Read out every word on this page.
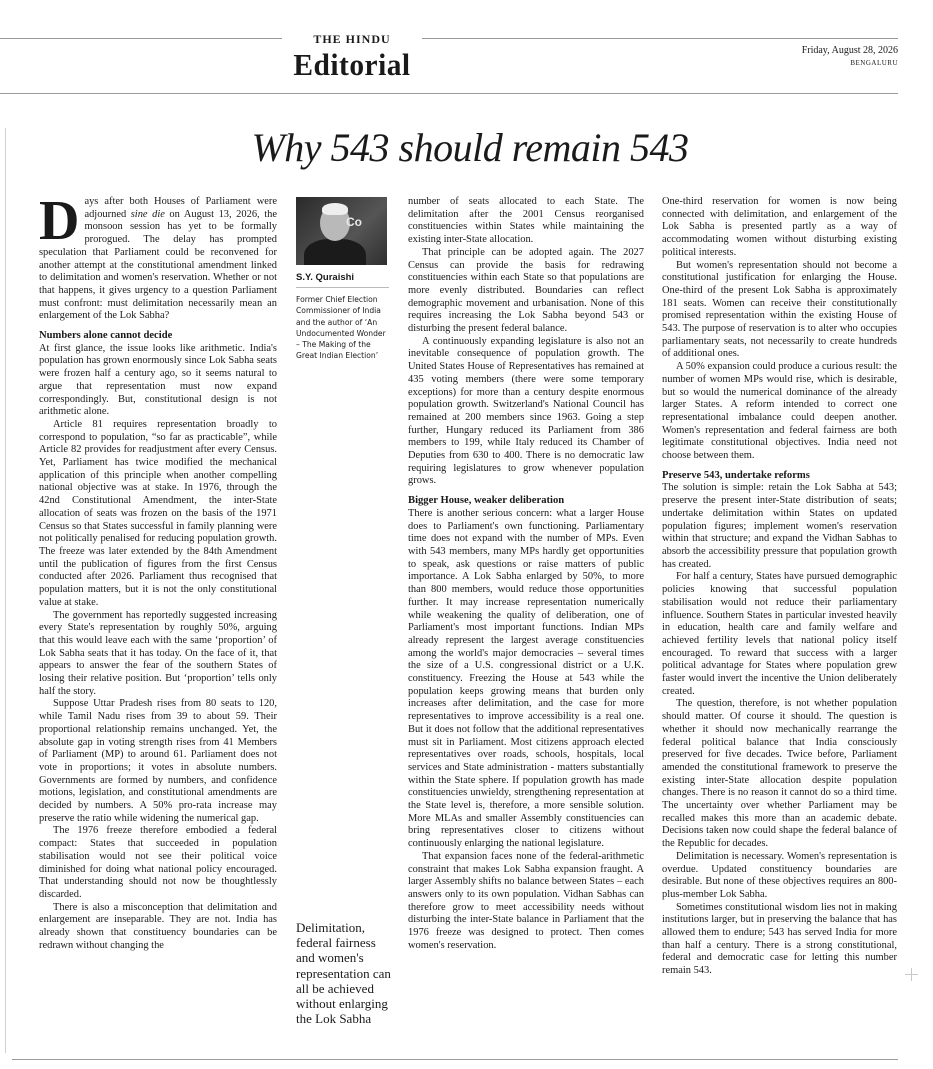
THE HINDU
Editorial	Friday, August 28, 2026
BENGALURU
Why 543 should remain 543

Days after both Houses of Parliament were adjourned sine die on August 13, 2026, the monsoon session has yet to be formally prorogued. The delay has prompted speculation that Parliament could be reconvened for another attempt at the constitutional amendment linked to delimitation and women's reservation. Whether or not that happens, it gives urgency to a question Parliament must confront: must delimitation necessarily mean an enlargement of the Lok Sabha?

Numbers alone cannot decide

At first glance, the issue looks like arithmetic. India's population has grown enormously since Lok Sabha seats were frozen half a century ago, so it seems natural to argue that representation must now expand correspondingly. But, constitutional design is not arithmetic alone.

Article 81 requires representation broadly to correspond to population, “so far as practicable”, while Article 82 provides for readjustment after every Census. Yet, Parliament has twice modified the mechanical application of this principle when another compelling national objective was at stake. In 1976, through the 42nd Constitutional Amendment, the inter-State allocation of seats was frozen on the basis of the 1971 Census so that States successful in family planning were not politically penalised for reducing population growth. The freeze was later extended by the 84th Amendment until the publication of figures from the first Census conducted after 2026. Parliament thus recognised that population matters, but it is not the only constitutional value at stake.

The government has reportedly suggested increasing every State's representation by roughly 50%, arguing that this would leave each with the same ‘proportion’ of Lok Sabha seats that it has today. On the face of it, that appears to answer the fear of the southern States of losing their relative position. But ‘proportion’ tells only half the story.

Suppose Uttar Pradesh rises from 80 seats to 120, while Tamil Nadu rises from 39 to about 59. Their proportional relationship remains unchanged. Yet, the absolute gap in voting strength rises from 41 Members of Parliament (MP) to around 61. Parliament does not vote in proportions; it votes in absolute numbers. Governments are formed by numbers, and confidence motions, legislation, and constitutional amendments are decided by numbers. A 50% pro-rata increase may preserve the ratio while widening the numerical gap.

The 1976 freeze therefore embodied a federal compact: States that succeeded in population stabilisation would not see their political voice diminished for doing what national policy encouraged. That understanding should not now be thoughtlessly discarded.

There is also a misconception that delimitation and enlargement are inseparable. They are not. India has already shown that constituency boundaries can be redrawn without changing the

Co
S.Y. Quraishi
Former Chief Election Commissioner of India and the author of ‘An Undocumented Wonder – The Making of the Great Indian Election’
Delimitation, federal fairness and women's representation can all be achieved without enlarging the Lok Sabha

number of seats allocated to each State. The delimitation after the 2001 Census reorganised constituencies within States while maintaining the existing inter-State allocation.

That principle can be adopted again. The 2027 Census can provide the basis for redrawing constituencies within each State so that populations are more evenly distributed. Boundaries can reflect demographic movement and urbanisation. None of this requires increasing the Lok Sabha beyond 543 or disturbing the present federal balance.

A continuously expanding legislature is also not an inevitable consequence of population growth. The United States House of Representatives has remained at 435 voting members (there were some temporary exceptions) for more than a century despite enormous population growth. Switzerland's National Council has remained at 200 members since 1963. Going a step further, Hungary reduced its Parliament from 386 members to 199, while Italy reduced its Chamber of Deputies from 630 to 400. There is no democratic law requiring legislatures to grow whenever population grows.

Bigger House, weaker deliberation

There is another serious concern: what a larger House does to Parliament's own functioning. Parliamentary time does not expand with the number of MPs. Even with 543 members, many MPs hardly get opportunities to speak, ask questions or raise matters of public importance. A Lok Sabha enlarged by 50%, to more than 800 members, would reduce those opportunities further. It may increase representation numerically while weakening the quality of deliberation, one of Parliament's most important functions. Indian MPs already represent the largest average constituencies among the world's major democracies – several times the size of a U.S. congressional district or a U.K. constituency. Freezing the House at 543 while the population keeps growing means that burden only increases after delimitation, and the case for more representatives to improve accessibility is a real one. But it does not follow that the additional representatives must sit in Parliament. Most citizens approach elected representatives over roads, schools, hospitals, local services and State administration - matters substantially within the State sphere. If population growth has made constituencies unwieldy, strengthening representation at the State level is, therefore, a more sensible solution. More MLAs and smaller Assembly constituencies can bring representatives closer to citizens without continuously enlarging the national legislature.

That expansion faces none of the federal-arithmetic constraint that makes Lok Sabha expansion fraught. A larger Assembly shifts no balance between States – each answers only to its own population. Vidhan Sabhas can therefore grow to meet accessibility needs without disturbing the inter-State balance in Parliament that the 1976 freeze was designed to protect. Then comes women's reservation.

One-third reservation for women is now being connected with delimitation, and enlargement of the Lok Sabha is presented partly as a way of accommodating women without disturbing existing political interests.

But women's representation should not become a constitutional justification for enlarging the House. One-third of the present Lok Sabha is approximately 181 seats. Women can receive their constitutionally promised representation within the existing House of 543. The purpose of reservation is to alter who occupies parliamentary seats, not necessarily to create hundreds of additional ones.

A 50% expansion could produce a curious result: the number of women MPs would rise, which is desirable, but so would the numerical dominance of the already larger States. A reform intended to correct one representational imbalance could deepen another. Women's representation and federal fairness are both legitimate constitutional objectives. India need not choose between them.

Preserve 543, undertake reforms

The solution is simple: retain the Lok Sabha at 543; preserve the present inter-State distribution of seats; undertake delimitation within States on updated population figures; implement women's reservation within that structure; and expand the Vidhan Sabhas to absorb the accessibility pressure that population growth has created.

For half a century, States have pursued demographic policies knowing that successful population stabilisation would not reduce their parliamentary influence. Southern States in particular invested heavily in education, health care and family welfare and achieved fertility levels that national policy itself encouraged. To reward that success with a larger political advantage for States where population grew faster would invert the incentive the Union deliberately created.

The question, therefore, is not whether population should matter. Of course it should. The question is whether it should now mechanically rearrange the federal political balance that India consciously preserved for five decades. Twice before, Parliament amended the constitutional framework to preserve the existing inter-State allocation despite population changes. There is no reason it cannot do so a third time. The uncertainty over whether Parliament may be recalled makes this more than an academic debate. Decisions taken now could shape the federal balance of the Republic for decades.

Delimitation is necessary. Women's representation is overdue. Updated constituency boundaries are desirable. But none of these objectives requires an 800-plus-member Lok Sabha.

Sometimes constitutional wisdom lies not in making institutions larger, but in preserving the balance that has allowed them to endure; 543 has served India for more than half a century. There is a strong constitutional, federal and democratic case for letting this number remain 543.
